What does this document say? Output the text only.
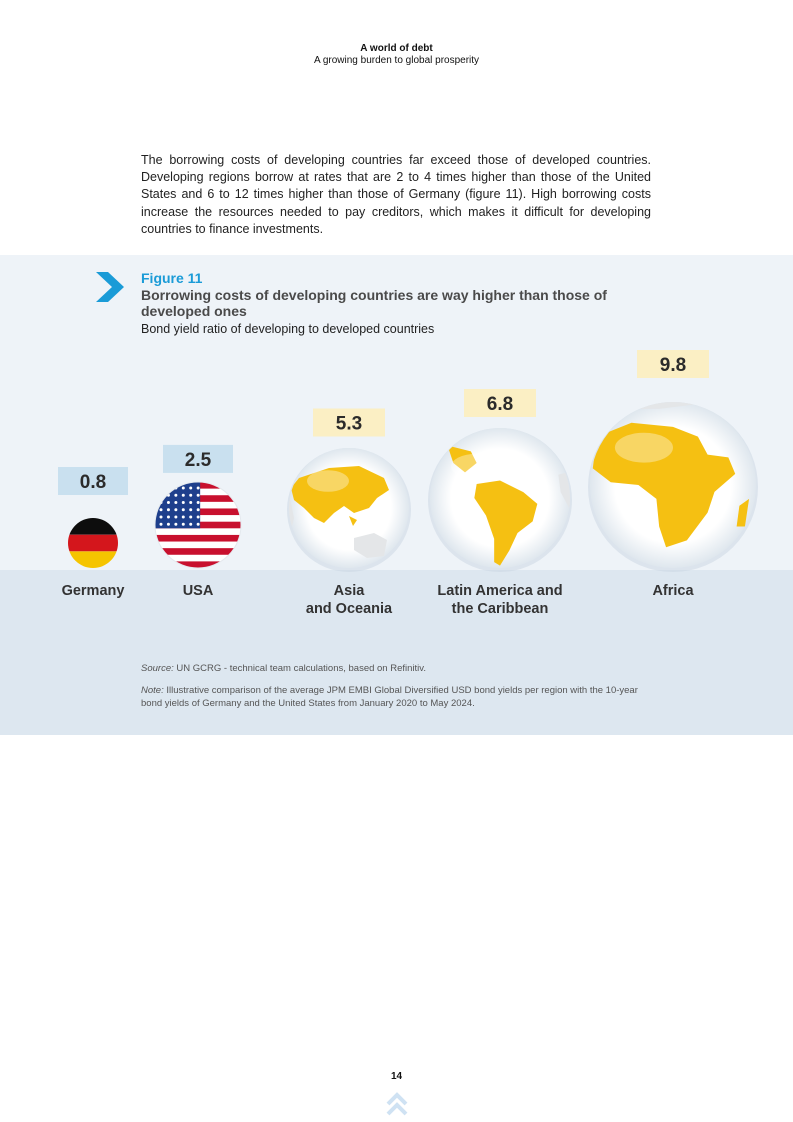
A world of debt
A growing burden to global prosperity
The borrowing costs of developing countries far exceed those of developed countries. Developing regions borrow at rates that are 2 to 4 times higher than those of the United States and 6 to 12 times higher than those of Germany (figure 11). High borrowing costs increase the resources needed to pay creditors, which makes it difficult for developing countries to finance investments.
Figure 11
Borrowing costs of developing countries are way higher than those of developed ones
Bond yield ratio of developing to developed countries
0.8
2.5
5.3
6.8
9.8
Germany	USA	Asia
and Oceania
Latin America and
the Caribbean
Africa
Source: UN GCRG - technical team calculations, based on Refinitiv.
Note: Illustrative comparison of the average JPM EMBI Global Diversified USD bond yields per region with the 10-year bond yields of Germany and the United States from January 2020 to May 2024.
14
